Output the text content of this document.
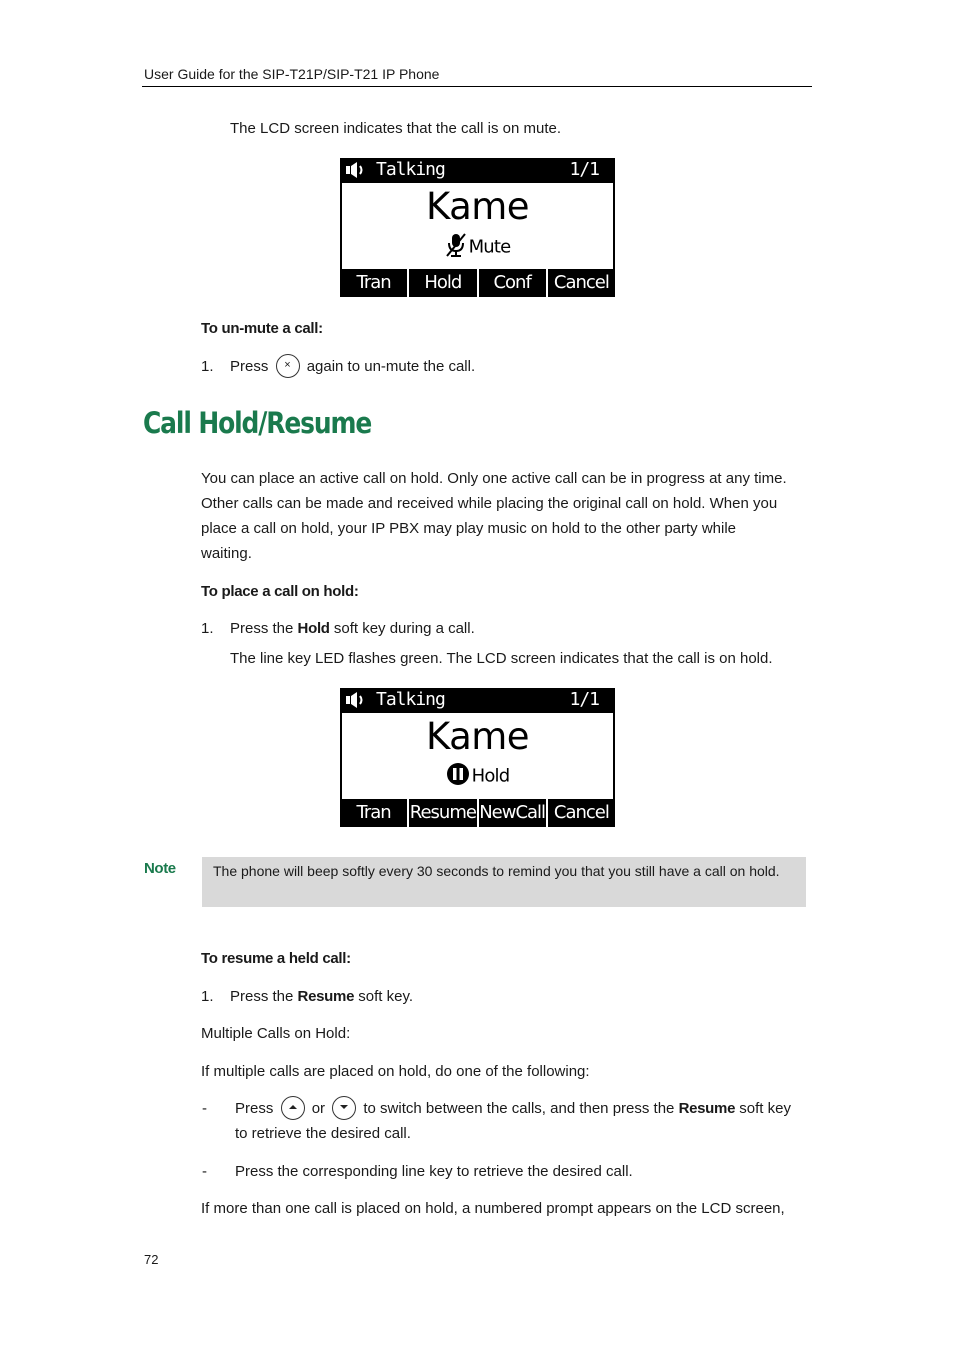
User Guide for the SIP-T21P/SIP-T21 IP Phone
The LCD screen indicates that the call is on mute.
Talking	1/1
Kame
Mute
Tran	Hold	Conf	Cancel
To un-mute a call:
1. Press × again to un-mute the call.
Call Hold/Resume
You can place an active call on hold. Only one active call can be in progress at any time.
Other calls can be made and received while placing the original call on hold. When you
place a call on hold, your IP PBX may play music on hold to the other party while
waiting.
To place a call on hold:
1. Press the Hold soft key during a call.
The line key LED flashes green. The LCD screen indicates that the call is on hold.
Talking	1/1
Kame
Hold
Tran	Resume NewCall Cancel
Note	The phone will beep softly every 30 seconds to remind you that you still have a call on hold.
To resume a held call:
1. Press the Resume soft key.
Multiple Calls on Hold:
If multiple calls are placed on hold, do one of the following:
- Press	or	to switch between the calls, and then press the Resume soft key
to retrieve the desired call.
- Press the corresponding line key to retrieve the desired call.
If more than one call is placed on hold, a numbered prompt appears on the LCD screen,
72
